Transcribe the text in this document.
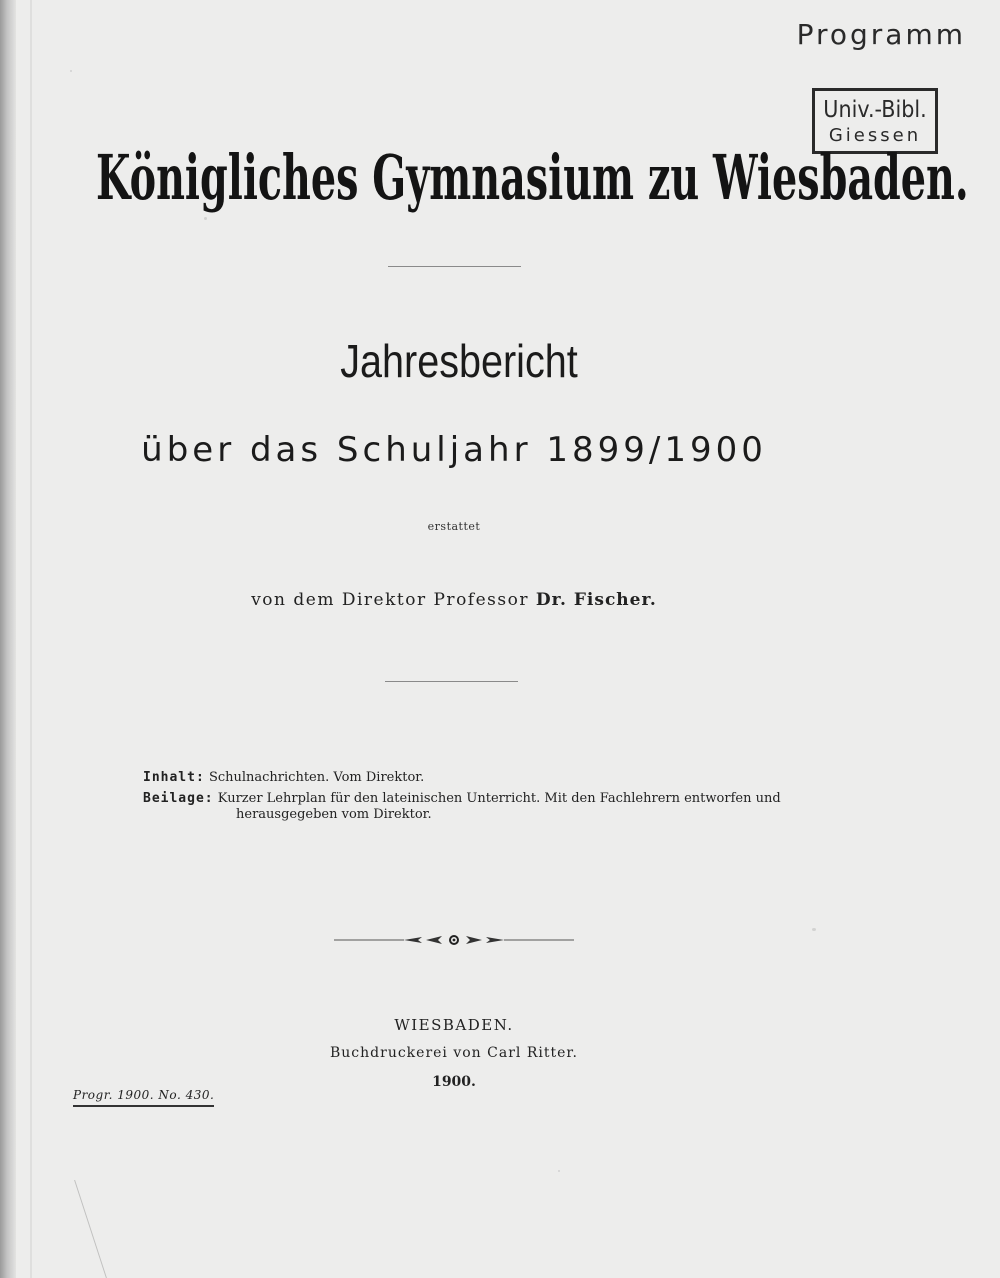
Programm
Univ.-Bibl.
Giessen
Königliches Gymnasium zu Wiesbaden.
Jahresbericht
über das Schuljahr 1899/1900
erstattet
von dem Direktor Professor Dr. Fischer.
Inhalt: Schulnachrichten. Vom Direktor.
Beilage: Kurzer Lehrplan für den lateinischen Unterricht. Mit den Fachlehrern entworfen und
herausgegeben vom Direktor.
WIESBADEN.
Buchdruckerei von Carl Ritter.
1900.
Progr. 1900. No. 430.
